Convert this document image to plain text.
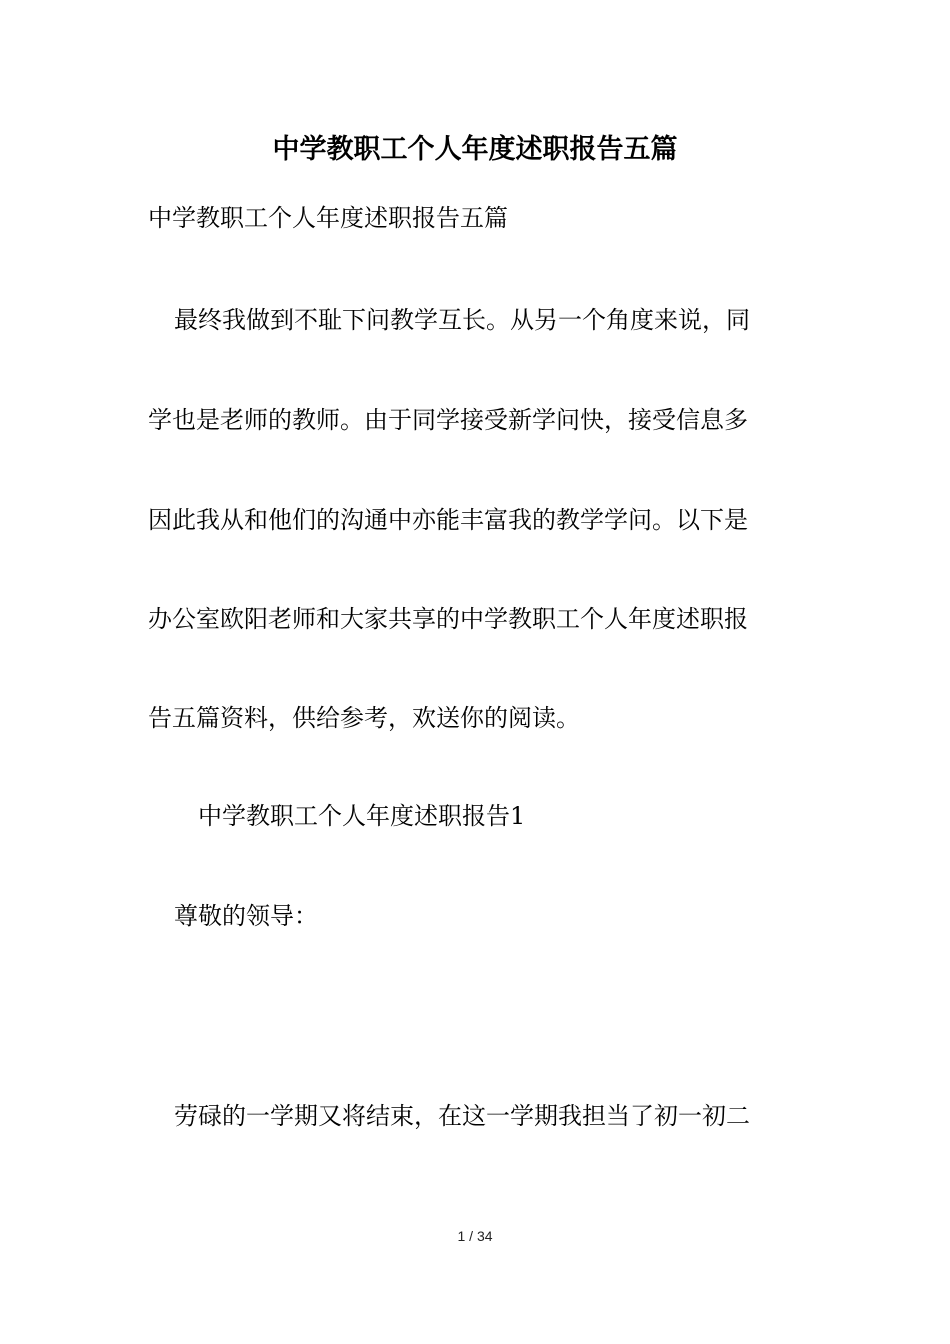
中学教职工个人年度述职报告五篇

中学教职工个人年度述职报告五篇

最终我做到不耻下问教学互长。从另一个角度来说，同

学也是老师的教师。由于同学接受新学问快，接受信息多

因此我从和他们的沟通中亦能丰富我的教学学问。以下是

办公室欧阳老师和大家共享的中学教职工个人年度述职报

告五篇资料，供给参考，欢送你的阅读。

中学教职工个人年度述职报告1

尊敬的领导：

劳碌的一学期又将结束，在这一学期我担当了初一初二

1 / 34
